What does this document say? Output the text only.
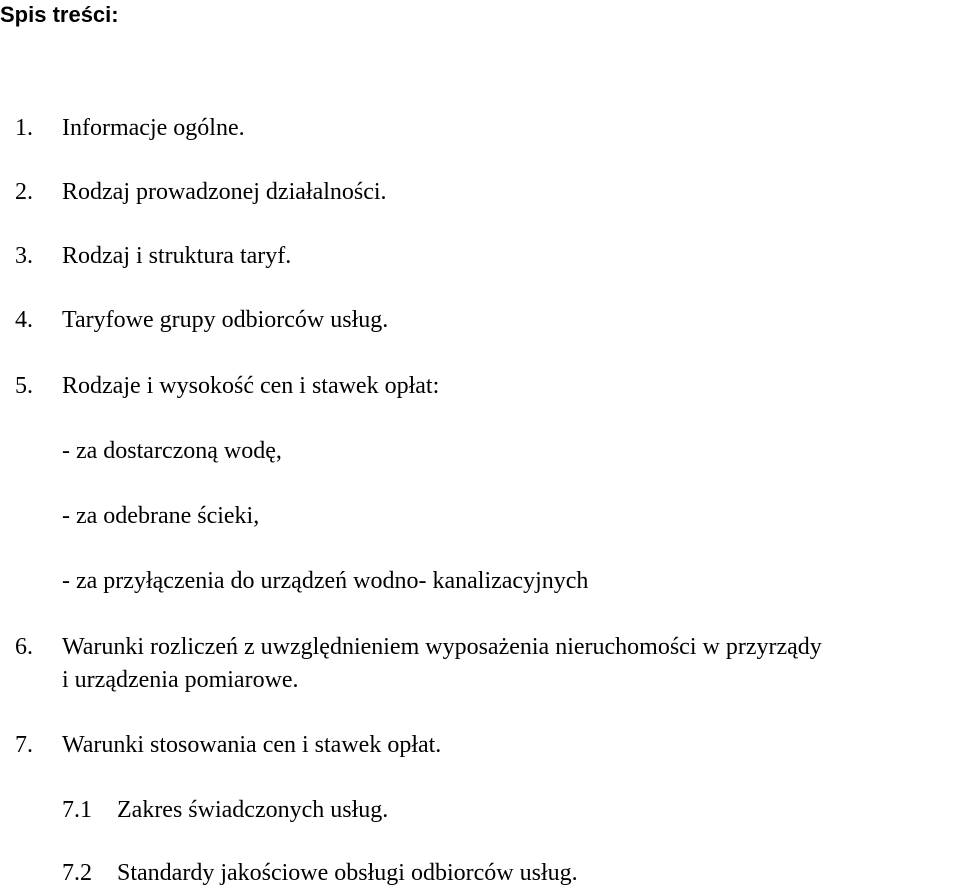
Spis treści:
1. Informacje ogólne.
2. Rodzaj prowadzonej działalności.
3. Rodzaj i struktura taryf.
4. Taryfowe grupy odbiorców usług.
5. Rodzaje i wysokość cen i stawek opłat:
- za dostarczoną wodę,
- za odebrane ścieki,
- za przyłączenia do urządzeń wodno- kanalizacyjnych
6. Warunki rozliczeń z uwzględnieniem wyposażenia nieruchomości w przyrządy
i urządzenia pomiarowe.
7. Warunki stosowania cen i stawek opłat.
7.1 Zakres świadczonych usług.
7.2 Standardy jakościowe obsługi odbiorców usług.
